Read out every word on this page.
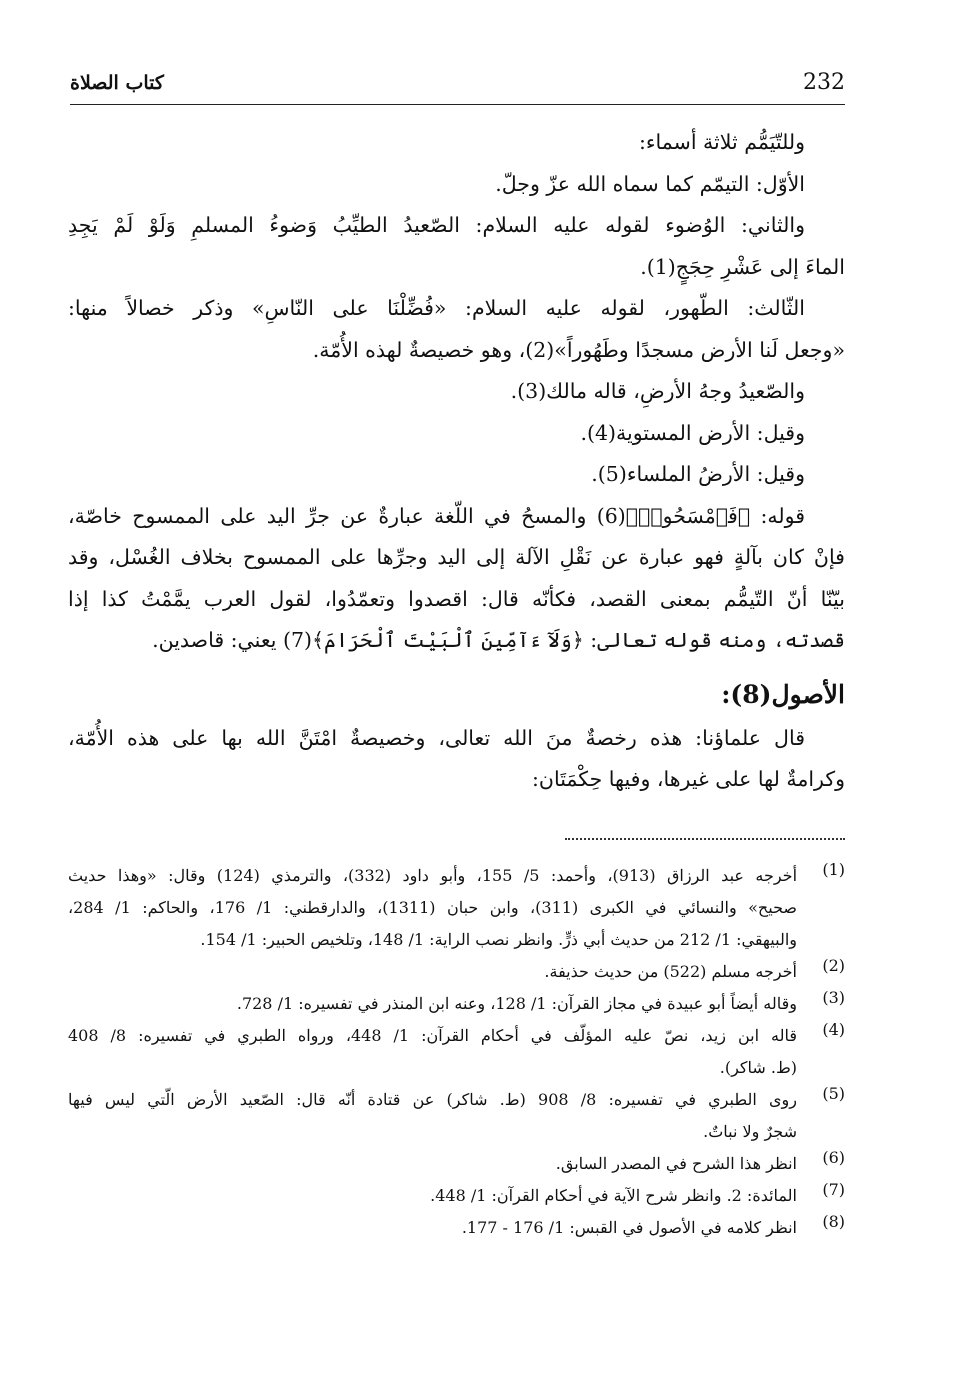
232
كتاب الصلاة
وللتّيَمُّم ثلاثة أسماء:
الأوّل: التيمّم كما سماه الله عزّ وجلّ.
والثاني: الوُضوء لقوله عليه السلام: الصّعيدُ الطيِّبُ وَضوءُ المسلمِ وَلَوْ لَمْ يَجِدِ
الماءَ إلى عَشْرِ حِجَجٍ(1).
الثّالث: الطّهور، لقوله عليه السلام: «فُضِّلْنَا على النّاسِ» وذكر خصالاً منها:
«وجعل لَنا الأرض مسجدًا وطَهُوراً»(2)، وهو خصيصةٌ لهذه الأُمّة.
والصّعيدُ وجهُ الأرضِ، قاله مالك(3).
وقيل: الأرض المستوية(4).
وقيل: الأرضُ الملساء(5).
قوله: ﴿فَٱمْسَحُوا۟﴾(6) والمسحُ في اللّغة عبارةٌ عن جرِّ اليد على الممسوح خاصّة،
فإنْ كان بآلةٍ فهو عبارة عن نَقْلِ الآلة إلى اليد وجرِّها على الممسوح بخلاف الغُسْل، وقد
بيّنّا أنّ التّيمُّم بمعنى القصد، فكأنّه قال: اقصدوا وتعمّدُوا، لقول العرب يمَّمْتُ كذا إذا
قصدته، ومنه قوله تعالى: ﴿وَلَآ ءَآمِّينَ ٱلْبَيْتَ ٱلْحَرَامَ﴾(7) يعني: قاصدين.
الأصول(8):
قال علماؤنا: هذه رخصةٌ منَ الله تعالى، وخصيصةٌ امْتَنَّ الله بها على هذه الأُمّة،
وكرامةٌ لها على غيرها، وفيها حِكْمَتَان:
(1)
أخرجه عبد الرزاق (913)، وأحمد: 5/ 155، وأبو داود (332)، والترمذي (124) وقال: «وهذا حديث
صحيح» والنسائي في الكبرى (311)، وابن حبان (1311)، والدارقطني: 1/ 176، والحاكم: 1/ 284،
والبيهقي: 1/ 212 من حديث أبي ذرٍّ. وانظر نصب الراية: 1/ 148، وتلخيص الحبير: 1/ 154.
(2)
أخرجه مسلم (522) من حديث حذيفة.
(3)
وقاله أيضاً أبو عبيدة في مجاز القرآن: 1/ 128، وعنه ابن المنذر في تفسيره: 1/ 728.
(4)
قاله ابن زيد، نصّ عليه المؤلّف في أحكام القرآن: 1/ 448، ورواه الطبري في تفسيره: 8/ 408
(ط. شاكر).
(5)
روى الطبري في تفسيره: 8/ 908 (ط. شاكر) عن قتادة أنّه قال: الصّعيد الأرض الّتي ليس فيها
شجرٌ ولا نباتٌ.
(6)
انظر هذا الشرح في المصدر السابق.
(7)
المائدة: 2. وانظر شرح الآية في أحكام القرآن: 1/ 448.
(8)
انظر كلامه في الأصول في القبس: 1/ 176 - 177.
